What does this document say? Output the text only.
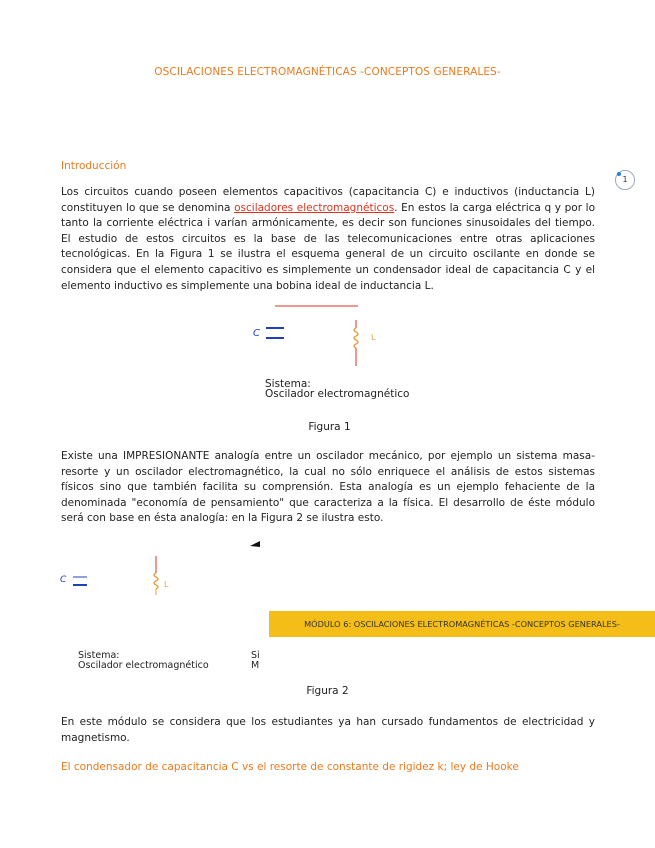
OSCILACIONES ELECTROMAGNÉTICAS -CONCEPTOS GENERALES-
1
Introducción
Los circuitos cuando poseen elementos capacitivos (capacitancia C) e inductivos (inductancia L) constituyen lo que se denomina osciladores electromagnéticos. En estos la carga eléctrica q y por lo tanto la corriente eléctrica i varían armónicamente, es decir son funciones sinusoidales del tiempo. El estudio de estos circuitos es la base de las telecomunicaciones entre otras aplicaciones tecnológicas. En la Figura 1 se ilustra el esquema general de un circuito oscilante en donde se considera que el elemento capacitivo es simplemente un condensador ideal de capacitancia C y el elemento inductivo es simplemente una bobina ideal de inductancia L.
C	L
Sistema:
Oscilador electromagnético
Figura 1
Existe una IMPRESIONANTE analogía entre un oscilador mecánico, por ejemplo un sistema masa-resorte y un oscilador electromagnético, la cual no sólo enriquece el análisis de estos sistemas físicos sino que también facilita su comprensión. Esta analogía es un ejemplo fehaciente de la denominada "economía de pensamiento" que caracteriza a la física. El desarrollo de éste módulo será con base en ésta analogía: en la Figura 2 se ilustra esto.
C	L
MÓDULO 6: OSCILACIONES ELECTROMAGNÉTICAS -CONCEPTOS GENERALES-
Sistema:
Oscilador electromagnético
Si
M
Figura 2
En este módulo se considera que los estudiantes ya han cursado fundamentos de electricidad y magnetismo.
El condensador de capacitancia C vs el resorte de constante de rigidez k; ley de Hooke
